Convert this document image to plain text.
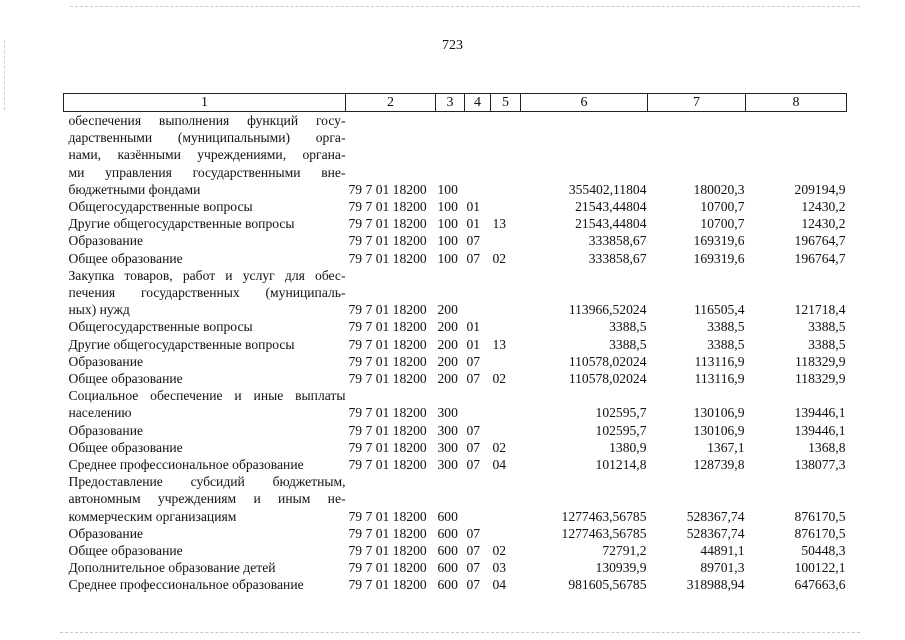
723
1	2	3	4	5	6	7	8

обеспечения выполнения функций госу-
дарственными (муниципальными) орга-
нами, казёнными учреждениями, органа-
ми управления государственными вне-
бюджетными фондами	79 7 01 18200	100			355402,11804	180020,3	209194,9

Общегосударственные вопросы	79 7 01 18200	100	01		21543,44804	10700,7	12430,2

Другие общегосударственные вопросы	79 7 01 18200	100	01	13	21543,44804	10700,7	12430,2

Образование	79 7 01 18200	100	07		333858,67	169319,6	196764,7

Общее образование	79 7 01 18200	100	07	02	333858,67	169319,6	196764,7

Закупка товаров, работ и услуг для обес-
печения государственных (муниципаль-
ных) нужд	79 7 01 18200	200			113966,52024	116505,4	121718,4

Общегосударственные вопросы	79 7 01 18200	200	01		3388,5	3388,5	3388,5

Другие общегосударственные вопросы	79 7 01 18200	200	01	13	3388,5	3388,5	3388,5

Образование	79 7 01 18200	200	07		110578,02024	113116,9	118329,9

Общее образование	79 7 01 18200	200	07	02	110578,02024	113116,9	118329,9

Социальное обеспечение и иные выплаты
населению	79 7 01 18200	300			102595,7	130106,9	139446,1

Образование	79 7 01 18200	300	07		102595,7	130106,9	139446,1

Общее образование	79 7 01 18200	300	07	02	1380,9	1367,1	1368,8

Среднее профессиональное образование	79 7 01 18200	300	07	04	101214,8	128739,8	138077,3

Предоставление субсидий бюджетным,
автономным учреждениям и иным не-
коммерческим организациям	79 7 01 18200	600			1277463,56785	528367,74	876170,5

Образование	79 7 01 18200	600	07		1277463,56785	528367,74	876170,5

Общее образование	79 7 01 18200	600	07	02	72791,2	44891,1	50448,3

Дополнительное образование детей	79 7 01 18200	600	07	03	130939,9	89701,3	100122,1

Среднее профессиональное образование	79 7 01 18200	600	07	04	981605,56785	318988,94	647663,6
